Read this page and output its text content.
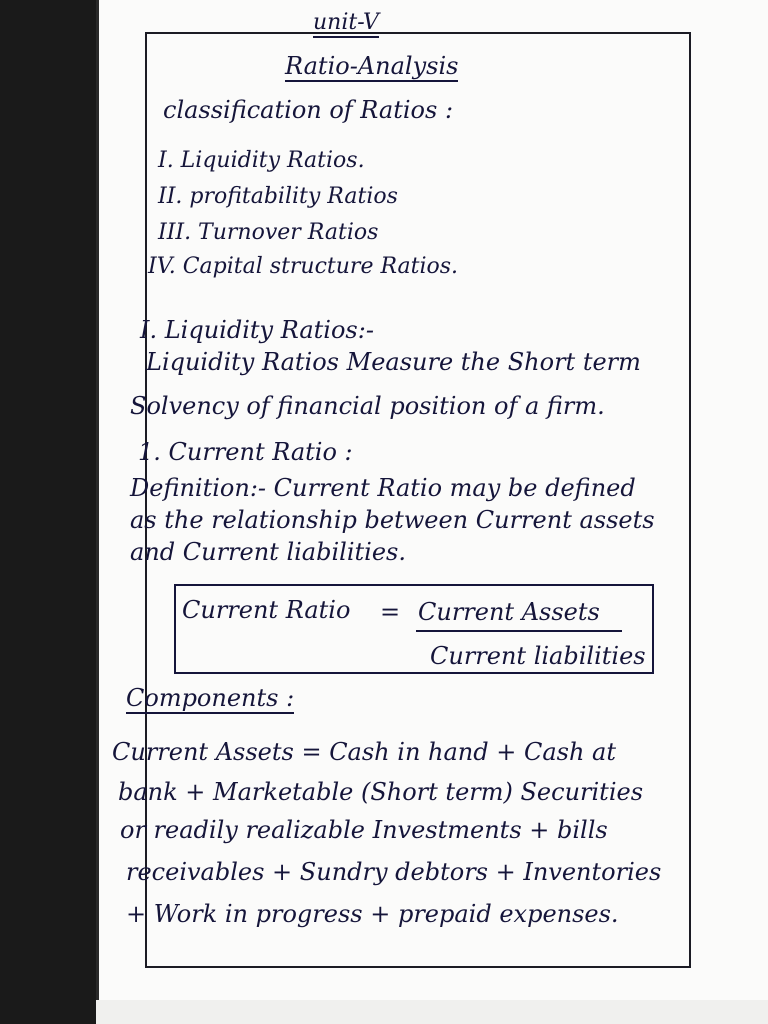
unit-V
Ratio-Analysis
classification of Ratios :
I. Liquidity Ratios.
II. profitability Ratios
III. Turnover Ratios
IV. Capital structure Ratios.
I. Liquidity Ratios:-
Liquidity Ratios Measure the Short term
Solvency of financial position of a firm.
1. Current Ratio :
Definition:- Current Ratio may be defined
as the relationship between Current assets
and Current liabilities.
Current Ratio = Current Assets
Current liabilities
Components :
Current Assets = Cash in hand + Cash at
bank + Marketable (Short term) Securities
or readily realizable Investments + bills
receivables + Sundry debtors + Inventories
+ Work in progress + prepaid expenses.
